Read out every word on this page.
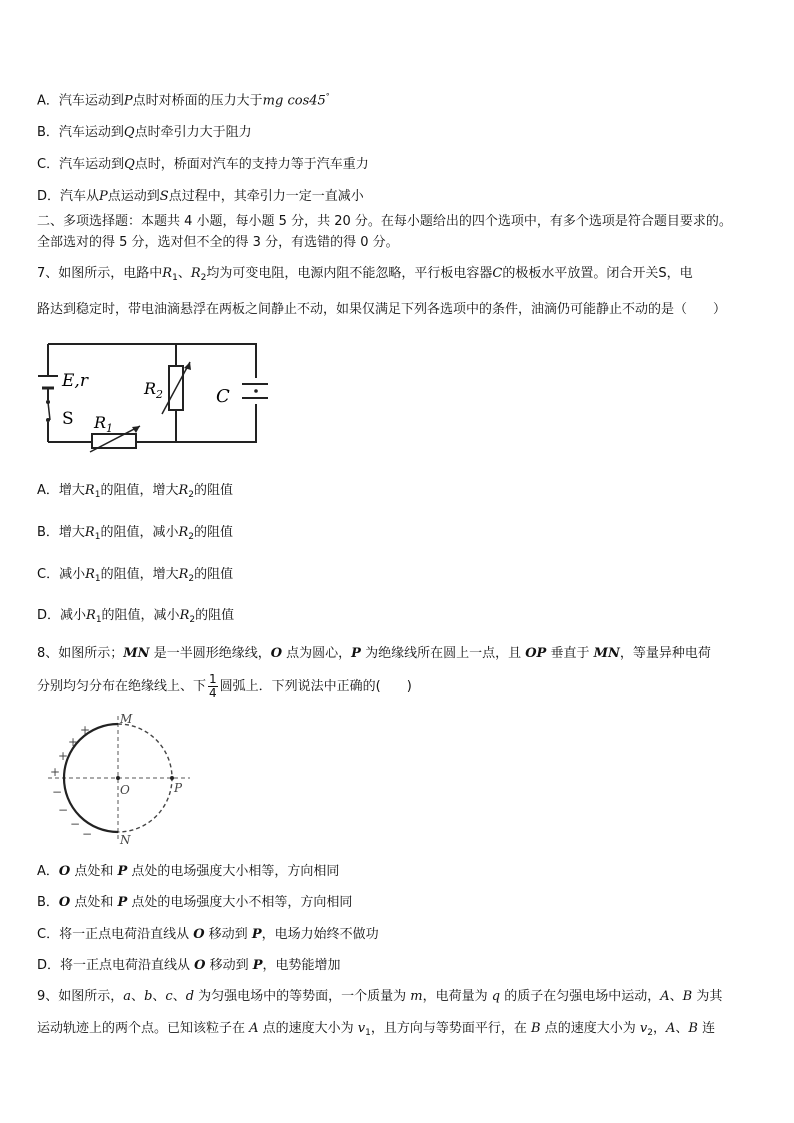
A．汽车运动到P点时对桥面的压力大于mg cos45°
B．汽车运动到Q点时牵引力大于阻力
C．汽车运动到Q点时，桥面对汽车的支持力等于汽车重力
D．汽车从P点运动到S点过程中，其牵引力一定一直减小
二、多项选择题：本题共 4 小题，每小题 5 分，共 20 分。在每小题给出的四个选项中，有多个选项是符合题目要求的。
全部选对的得 5 分，选对但不全的得 3 分，有选错的得 0 分。
7、如图所示，电路中$R_1$、$R_2$均为可变电阻，电源内阻不能忽略，平行板电容器C的极板水平放置。闭合开关S，电
路达到稳定时，带电油滴悬浮在两板之间静止不动，如果仅满足下列各选项中的条件，油滴仍可能静止不动的是（　　）
E,r
S $R_1$
$R_2$	C
A．增大$R_1$的阻值，增大$R_2$的阻值
B．增大$R_1$的阻值，减小$R_2$的阻值
C．减小$R_1$的阻值，增大$R_2$的阻值
D．减小$R_1$的阻值，减小$R_2$的阻值
8、如图所示；MN 是一半圆形绝缘线，O 点为圆心，P 为绝缘线所在圆上一点，且 OP 垂直于 MN，等量异种电荷
分别均匀分布在绝缘线上、下 $\frac{1}{4}$ 圆弧上．下列说法中正确的(　　)
M
N
O	P
+
+
+
+
−
−
−
−
A．O 点处和 P 点处的电场强度大小相等，方向相同
B．O 点处和 P 点处的电场强度大小不相等，方向相同
C．将一正点电荷沿直线从 O 移动到 P，电场力始终不做功
D．将一正点电荷沿直线从 O 移动到 P，电势能增加
9、如图所示，a、b、c、d 为匀强电场中的等势面，一个质量为 m，电荷量为 q 的质子在匀强电场中运动，A、B 为其
运动轨迹上的两个点。已知该粒子在 A 点的速度大小为 $v_1$，且方向与等势面平行，在 B 点的速度大小为 $v_2$，A、B 连
